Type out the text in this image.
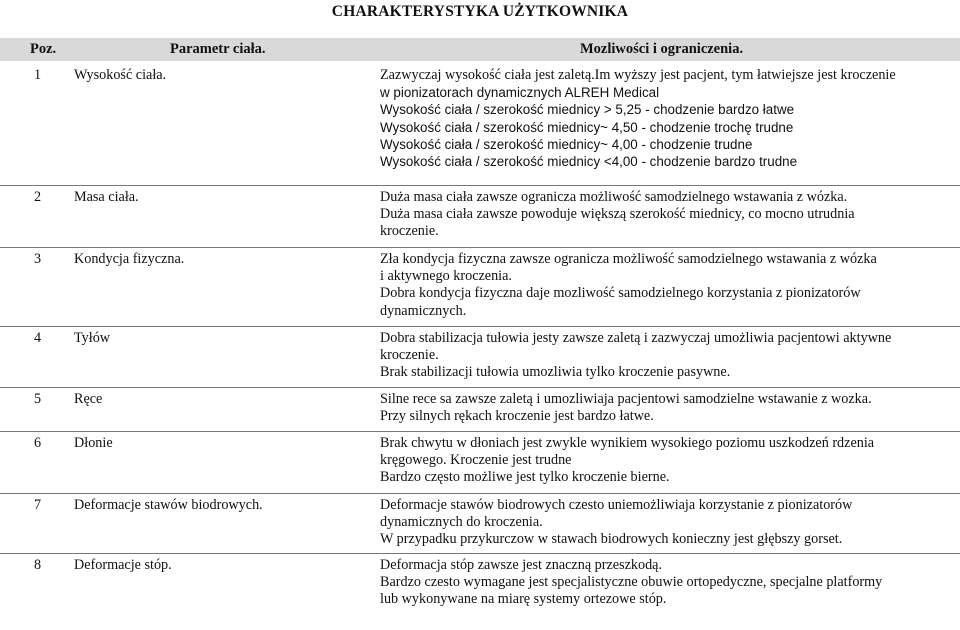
CHARAKTERYSTYKA UŻYTKOWNIKA
Poz.	Parametr ciała.	Mozliwości i ograniczenia.
1 Wysokość ciała.	Zazwyczaj wysokość ciała jest zaletą.Im wyższy jest pacjent, tym łatwiejsze jest kroczenie
w pionizatorach dynamicznych ALREH Medical
Wysokość ciała / szerokość miednicy > 5,25 - chodzenie bardzo łatwe
Wysokość ciała / szerokość miednicy~ 4,50 - chodzenie trochę trudne
Wysokość ciała / szerokość miednicy~ 4,00 - chodzenie trudne
Wysokość ciała / szerokość miednicy <4,00 - chodzenie bardzo trudne
2 Masa ciała.	Duża masa ciała zawsze ogranicza możliwość samodzielnego wstawania z wózka.
Duża masa ciała zawsze powoduje większą szerokość miednicy, co mocno utrudnia
kroczenie.
3 Kondycja fizyczna.	Zła kondycja fizyczna zawsze ogranicza możliwość samodzielnego wstawania z wózka
i aktywnego kroczenia.
Dobra kondycja fizyczna daje mozliwość samodzielnego korzystania z pionizatorów
dynamicznych.
4 Tyłów	Dobra stabilizacja tułowia jesty zawsze zaletą i zazwyczaj umożliwia pacjentowi aktywne
kroczenie.
Brak stabilizacji tułowia umozliwia tylko kroczenie pasywne.
5 Ręce	Silne rece sa zawsze zaletą i umozliwiaja pacjentowi samodzielne wstawanie z wozka.
Przy silnych rękach kroczenie jest bardzo łatwe.
6 Dłonie	Brak chwytu w dłoniach jest zwykle wynikiem wysokiego poziomu uszkodzeń rdzenia
kręgowego. Kroczenie jest trudne
Bardzo często możliwe jest tylko kroczenie bierne.
7 Deformacje stawów biodrowych.	Deformacje stawów biodrowych czesto uniemożliwiaja korzystanie z pionizatorów
dynamicznych do kroczenia.
W przypadku przykurczow w stawach biodrowych konieczny jest głębszy gorset.
8 Deformacje stóp.	Deformacja stóp zawsze jest znaczną przeszkodą.
Bardzo czesto wymagane jest specjalistyczne obuwie ortopedyczne, specjalne platformy
lub wykonywane na miarę systemy ortezowe stóp.
